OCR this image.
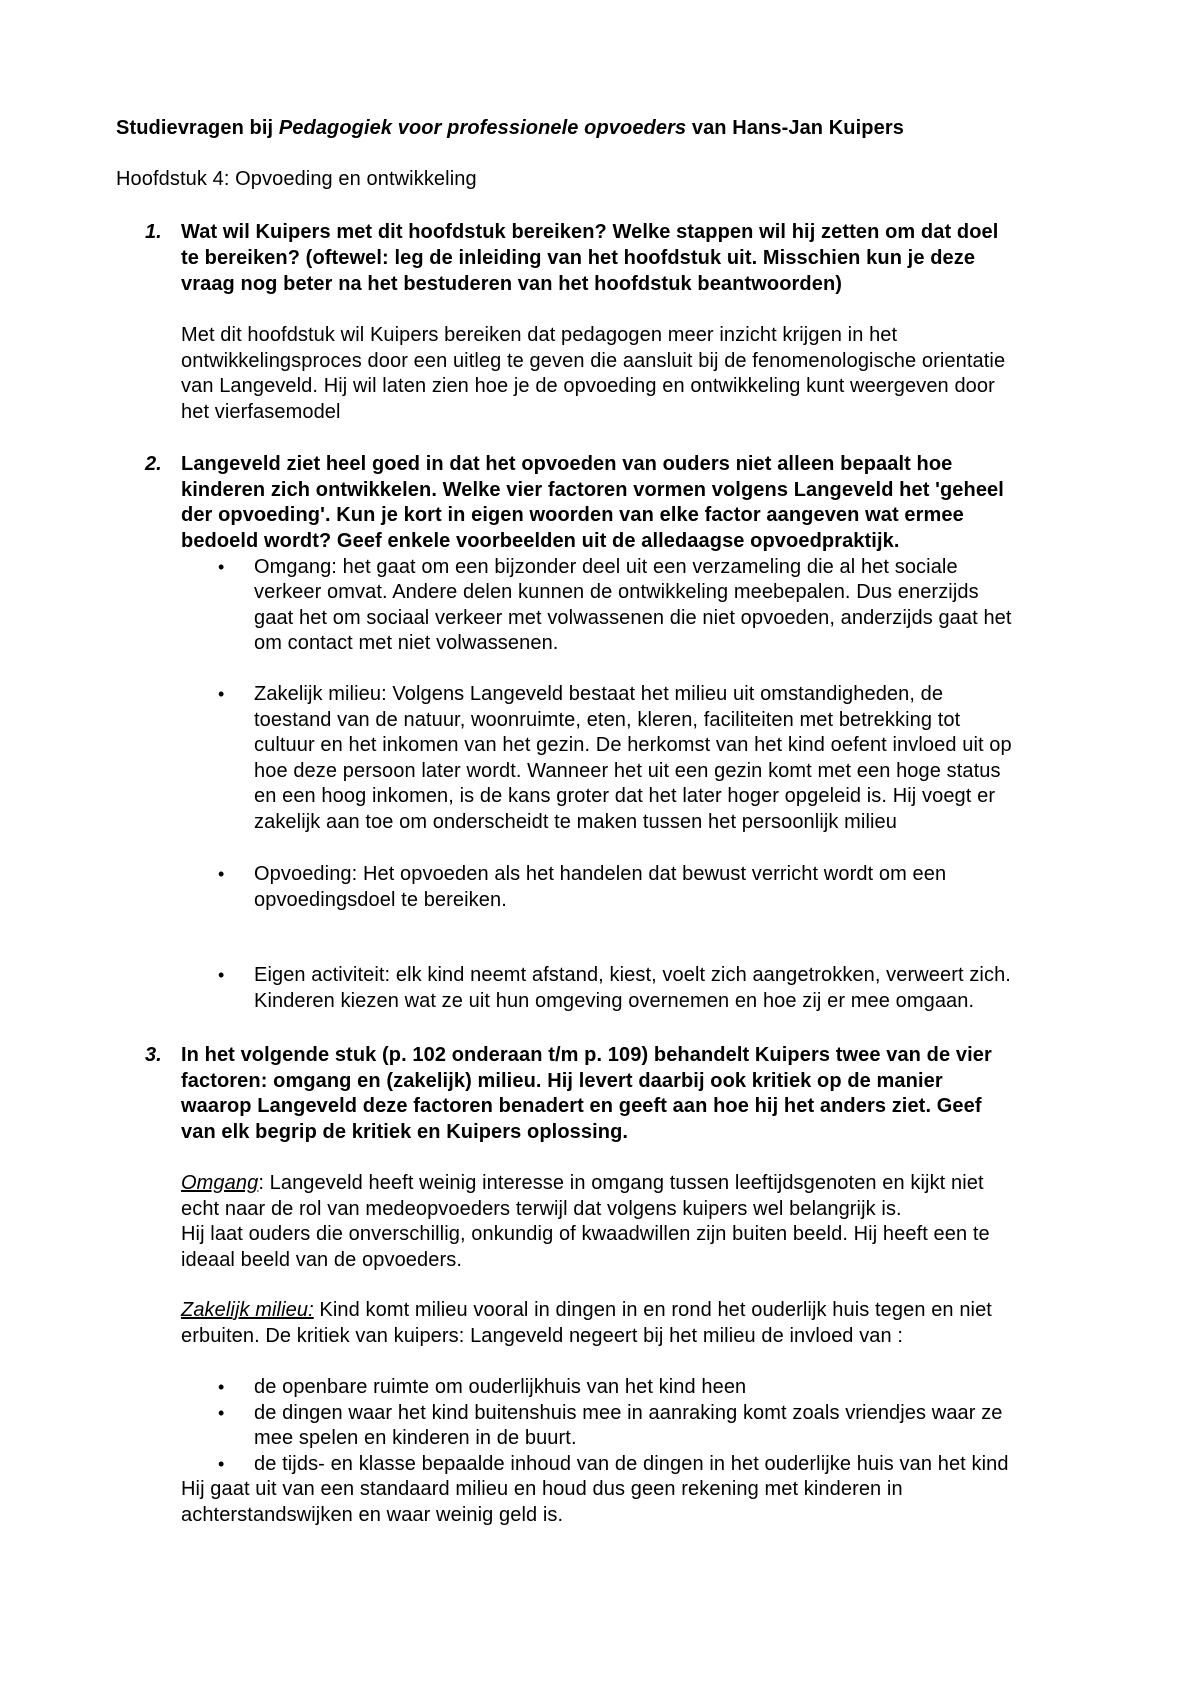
Studievragen bij Pedagogiek voor professionele opvoeders van Hans-Jan Kuipers
Hoofdstuk 4: Opvoeding en ontwikkeling
1. Wat wil Kuipers met dit hoofdstuk bereiken? Welke stappen wil hij zetten om dat doel
te bereiken? (oftewel: leg de inleiding van het hoofdstuk uit. Misschien kun je deze
vraag nog beter na het bestuderen van het hoofdstuk beantwoorden)
Met dit hoofdstuk wil Kuipers bereiken dat pedagogen meer inzicht krijgen in het
ontwikkelingsproces door een uitleg te geven die aansluit bij de fenomenologische orientatie
van Langeveld. Hij wil laten zien hoe je de opvoeding en ontwikkeling kunt weergeven door
het vierfasemodel
2. Langeveld ziet heel goed in dat het opvoeden van ouders niet alleen bepaalt hoe
kinderen zich ontwikkelen. Welke vier factoren vormen volgens Langeveld het 'geheel
der opvoeding'. Kun je kort in eigen woorden van elke factor aangeven wat ermee
bedoeld wordt? Geef enkele voorbeelden uit de alledaagse opvoedpraktijk.
• Omgang: het gaat om een bijzonder deel uit een verzameling die al het sociale
verkeer omvat. Andere delen kunnen de ontwikkeling meebepalen. Dus enerzijds
gaat het om sociaal verkeer met volwassenen die niet opvoeden, anderzijds gaat het
om contact met niet volwassenen.
• Zakelijk milieu: Volgens Langeveld bestaat het milieu uit omstandigheden, de
toestand van de natuur, woonruimte, eten, kleren, faciliteiten met betrekking tot
cultuur en het inkomen van het gezin. De herkomst van het kind oefent invloed uit op
hoe deze persoon later wordt. Wanneer het uit een gezin komt met een hoge status
en een hoog inkomen, is de kans groter dat het later hoger opgeleid is. Hij voegt er
zakelijk aan toe om onderscheidt te maken tussen het persoonlijk milieu
• Opvoeding: Het opvoeden als het handelen dat bewust verricht wordt om een
opvoedingsdoel te bereiken.
• Eigen activiteit: elk kind neemt afstand, kiest, voelt zich aangetrokken, verweert zich.
Kinderen kiezen wat ze uit hun omgeving overnemen en hoe zij er mee omgaan.
3. In het volgende stuk (p. 102 onderaan t/m p. 109) behandelt Kuipers twee van de vier
factoren: omgang en (zakelijk) milieu. Hij levert daarbij ook kritiek op de manier
waarop Langeveld deze factoren benadert en geeft aan hoe hij het anders ziet. Geef
van elk begrip de kritiek en Kuipers oplossing.
Omgang: Langeveld heeft weinig interesse in omgang tussen leeftijdsgenoten en kijkt niet
echt naar de rol van medeopvoeders terwijl dat volgens kuipers wel belangrijk is.
Hij laat ouders die onverschillig, onkundig of kwaadwillen zijn buiten beeld. Hij heeft een te
ideaal beeld van de opvoeders.
Zakelijk milieu: Kind komt milieu vooral in dingen in en rond het ouderlijk huis tegen en niet
erbuiten. De kritiek van kuipers: Langeveld negeert bij het milieu de invloed van :
• de openbare ruimte om ouderlijkhuis van het kind heen
• de dingen waar het kind buitenshuis mee in aanraking komt zoals vriendjes waar ze
mee spelen en kinderen in de buurt.
• de tijds- en klasse bepaalde inhoud van de dingen in het ouderlijke huis van het kind
Hij gaat uit van een standaard milieu en houd dus geen rekening met kinderen in
achterstandswijken en waar weinig geld is.
